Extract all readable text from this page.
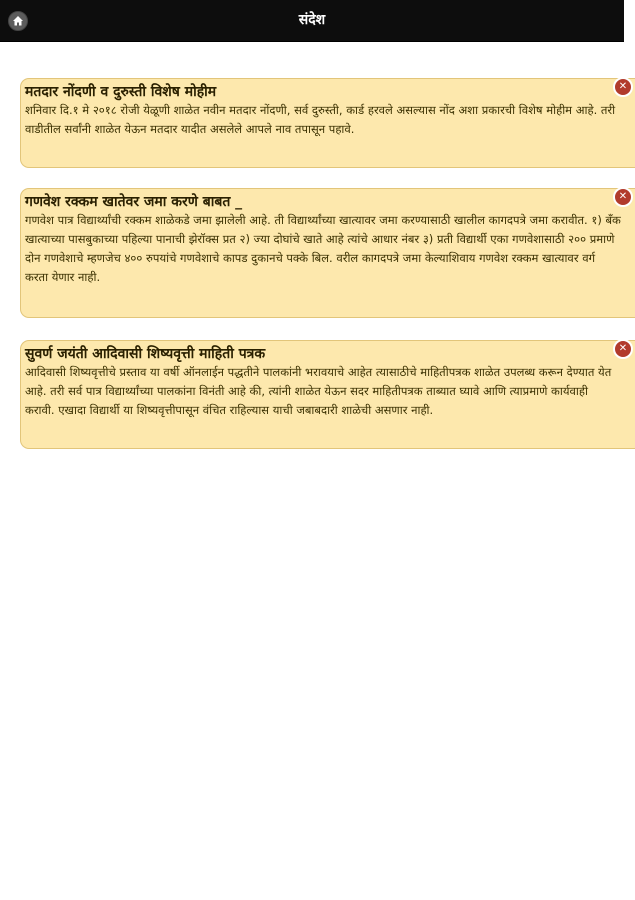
संदेश
मतदार नोंदणी व दुरुस्ती विशेष मोहीम
शनिवार दि.१ मे २०१८ रोजी येळूणी शाळेत नवीन मतदार नोंदणी, सर्व दुरुस्ती, कार्ड हरवले असल्यास नोंद अशा प्रकारची विशेष मोहीम आहे. तरी वाडीतील सर्वांनी शाळेत येऊन मतदार यादीत असलेले आपले नाव तपासून पहावे.
✕
गणवेश रक्कम खातेवर जमा करणे बाबत _
गणवेश पात्र विद्यार्थ्यांची रक्कम शाळेकडे जमा झालेली आहे. ती विद्यार्थ्यांच्या खात्यावर जमा करण्यासाठी खालील कागदपत्रे जमा करावीत. १) बँक खात्याच्या पासबुकाच्या पहिल्या पानाची झेरॉक्स प्रत २) ज्या दोघांचे खाते आहे त्यांचे आधार नंबर ३) प्रती विद्यार्थी एका गणवेशासाठी २०० प्रमाणे दोन गणवेशाचे म्हणजेच ४०० रुपयांचे गणवेशाचे कापड दुकानचे पक्के बिल. वरील कागदपत्रे जमा केल्याशिवाय गणवेश रक्कम खात्यावर वर्ग करता येणार नाही.
✕
सुवर्ण जयंती आदिवासी शिष्यवृत्ती माहिती पत्रक
आदिवासी शिष्यवृत्तीचे प्रस्ताव या वर्षी ऑनलाईन पद्धतीने पालकांनी भरावयाचे आहेत त्यासाठीचे माहितीपत्रक शाळेत उपलब्ध करून देण्यात येत आहे. तरी सर्व पात्र विद्यार्थ्यांच्या पालकांना विनंती आहे की, त्यांनी शाळेत येऊन सदर माहितीपत्रक ताब्यात घ्यावे आणि त्याप्रमाणे कार्यवाही करावी. एखादा विद्यार्थी या शिष्यवृत्तीपासून वंचित राहिल्यास याची जबाबदारी शाळेची असणार नाही.
✕
